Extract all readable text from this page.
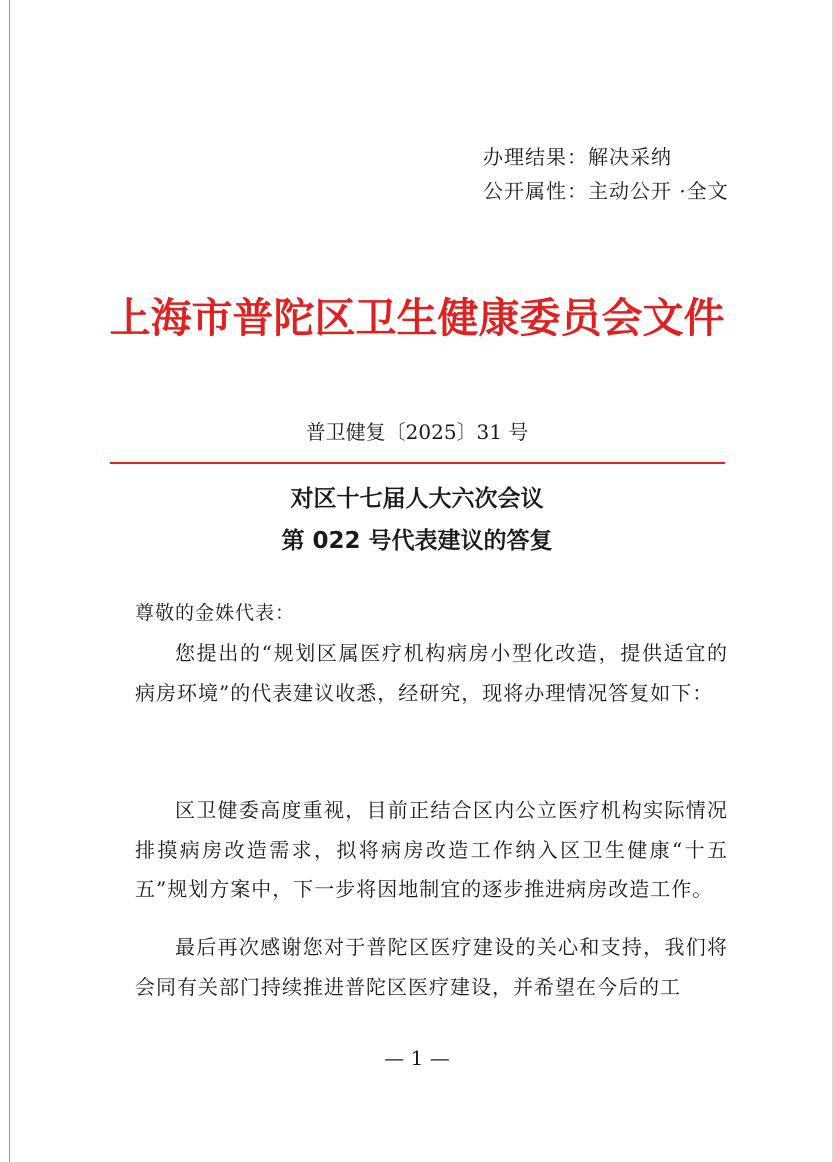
办理结果：解决采纳
公开属性：主动公开 ·全文
上海市普陀区卫生健康委员会文件
普卫健复〔2025〕31 号
对区十七届人大六次会议
第 022 号代表建议的答复
尊敬的金姝代表：

您提出的“规划区属医疗机构病房小型化改造，提供适宜的病房环境”的代表建议收悉，经研究，现将办理情况答复如下：

区卫健委高度重视，目前正结合区内公立医疗机构实际情况排摸病房改造需求，拟将病房改造工作纳入区卫生健康“十五五”规划方案中，下一步将因地制宜的逐步推进病房改造工作。

最后再次感谢您对于普陀区医疗建设的关心和支持，我们将会同有关部门持续推进普陀区医疗建设，并希望在今后的工

— 1 —
